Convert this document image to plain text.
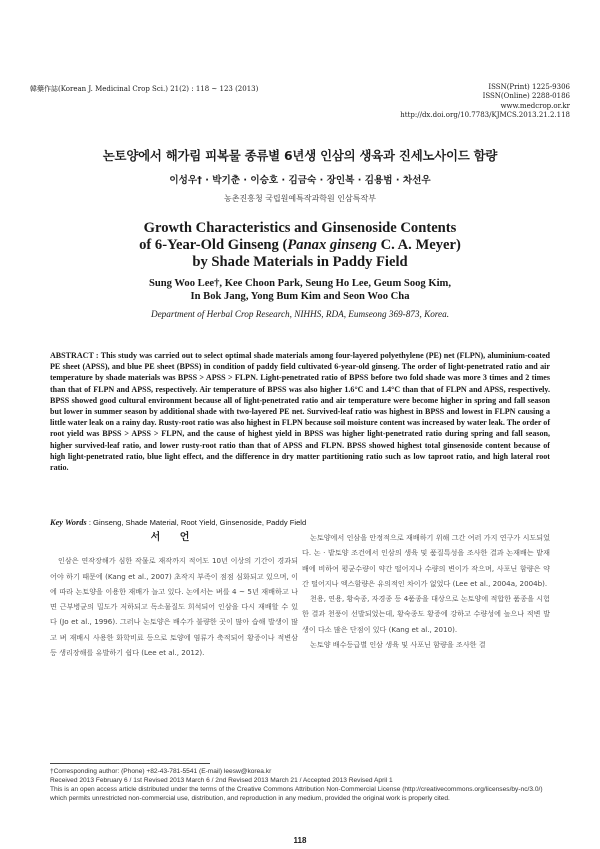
韓藥作誌(Korean J. Medicinal Crop Sci.) 21(2) : 118 ~ 123 (2013)	ISSN(Print) 1225-9306
ISSN(Online) 2288-0186
www.medcrop.or.kr
http://dx.doi.org/10.7783/KJMCS.2013.21.2.118
논토양에서 해가림 피복물 종류별 6년생 인삼의 생육과 진세노사이드 함량
이성우† · 박기춘 · 이승호 · 김금숙 · 장인복 · 김용범 · 차선우
농촌진흥청 국립원예특작과학원 인삼특작부
Growth Characteristics and Ginsenoside Contents
of 6-Year-Old Ginseng (Panax ginseng C. A. Meyer)
by Shade Materials in Paddy Field
Sung Woo Lee†, Kee Choon Park, Seung Ho Lee, Geum Soog Kim,
In Bok Jang, Yong Bum Kim and Seon Woo Cha
Department of Herbal Crop Research, NIHHS, RDA, Eumseong 369-873, Korea.
ABSTRACT : This study was carried out to select optimal shade materials among four-layered polyethylene (PE) net (FLPN), aluminium-coated PE sheet (APSS), and blue PE sheet (BPSS) in condition of paddy field cultivated 6-year-old ginseng. The order of light-penetrated ratio and air temperature by shade materials was BPSS > APSS > FLPN. Light-penetrated ratio of BPSS before two fold shade was more 3 times and 2 times than that of FLPN and APSS, respectively. Air temperature of BPSS was also higher 1.6°C and 1.4°C than that of FLPN and APSS, respectively. BPSS showed good cultural environment because all of light-penetrated ratio and air temperature were become higher in spring and fall season but lower in summer season by additional shade with two-layered PE net. Survived-leaf ratio was highest in BPSS and lowest in FLPN causing a little water leak on a rainy day. Rusty-root ratio was also highest in FLPN because soil moisture content was increased by water leak. The order of root yield was BPSS > APSS > FLPN, and the cause of highest yield in BPSS was higher light-penetrated ratio during spring and fall season, higher survived-leaf ratio, and lower rusty-root ratio than that of APSS and FLPN. BPSS showed highest total ginsenoside content because of high light-penetrated ratio, blue light effect, and the difference in dry matter partitioning ratio such as low taproot ratio, and high lateral root ratio.
Key Words : Ginseng, Shade Material, Root Yield, Ginsenoside, Paddy Field
서 언

인삼은 연작장해가 심한 작물로 재작까지 적어도 10년 이상의 기간이 경과되어야 하기 때문에 (Kang et al., 2007) 초작지 부족이 점점 심화되고 있으며, 이에 따라 논토양을 이용한 재배가 늘고 있다. 논에서는 벼를 4 ~ 5년 재배하고 나면 근부병균의 밀도가 저하되고 독소물질도 희석되어 인삼을 다시 재배할 수 있다 (Jo et al., 1996). 그러나 논토양은 배수가 불량한 곳이 많아 습해 발생이 많고 벼 재배시 사용한 화학비료 등으로 토양에 염류가 축적되어 황증이나 적변삼 등 생리장해를 유발하기 쉽다 (Lee et al., 2012).

논토양에서 인삼을 안정적으로 재배하기 위해 그간 여러 가지 연구가 시도되었다. 논 · 밭토양 조건에서 인삼의 생육 및 품질특성을 조사한 결과 논재배는 밭재배에 비하여 평균수량이 약간 떨어지나 수량의 변이가 작으며, 사포닌 함량은 약간 떨어지나 엑스함량은 유의적인 차이가 없었다 (Lee et al., 2004a, 2004b).

천용, 연용, 황숙종, 자경종 등 4품종을 대상으로 논토양에 적합한 품종을 시험한 결과 천풍이 선발되었는데, 황숙종도 황증에 강하고 수량성에 높으나 적변 발생이 다소 많은 단점이 있다 (Kang et al., 2010).

논토양 배수등급별 인삼 생육 및 사포닌 함량을 조사한 결

†Corresponding author: (Phone) +82-43-781-5541 (E-mail) leesw@korea.kr
Received 2013 February 6 / 1st Revised 2013 March 6 / 2nd Revised 2013 March 21 / Accepted 2013 Revised April 1
This is an open access article distributed under the terms of the Creative Commons Attribution Non-Commercial License (http://creativecommons.org/licenses/by-nc/3.0/) which permits unrestricted non-commercial use, distribution, and reproduction in any medium, provided the original work is properly cited.
118
